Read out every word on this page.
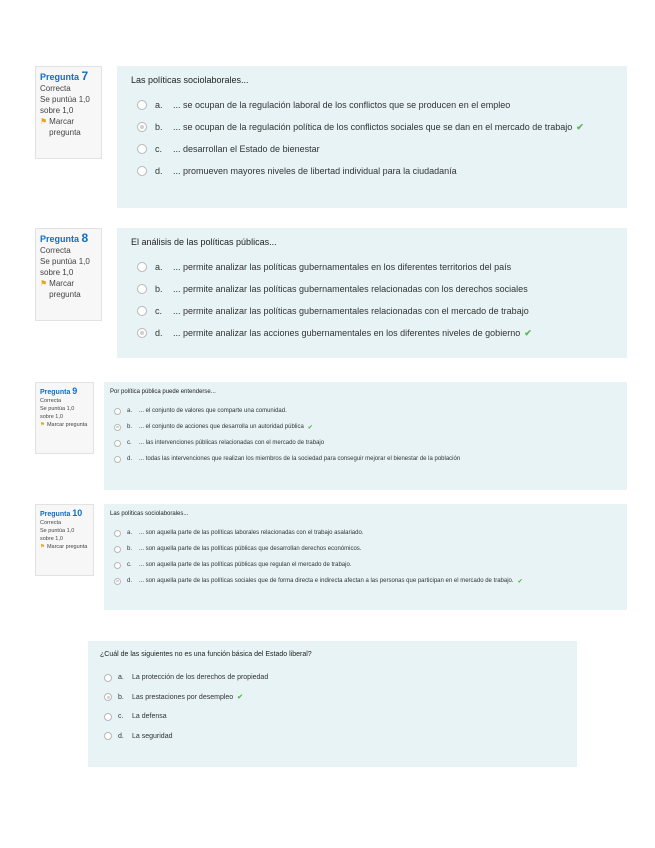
Pregunta 7
Correcta
Se puntúa 1,0 sobre 1,0
⚑ Marcar pregunta
Las políticas sociolaborales...
a.	... se ocupan de la regulación laboral de los conflictos que se producen en el empleo
b.	... se ocupan de la regulación política de los conflictos sociales que se dan en el mercado de trabajo ✔
c.	... desarrollan el Estado de bienestar
d.	... promueven mayores niveles de libertad individual para la ciudadanía
Pregunta 8
Correcta
Se puntúa 1,0 sobre 1,0
⚑ Marcar pregunta
El análisis de las políticas públicas...
a.	... permite analizar las políticas gubernamentales en los diferentes territorios del país
b.	... permite analizar las políticas gubernamentales relacionadas con los derechos sociales
c.	... permite analizar las políticas gubernamentales relacionadas con el mercado de trabajo
d.	... permite analizar las acciones gubernamentales en los diferentes niveles de gobierno ✔
Pregunta 9
Correcta
Se puntúa 1,0 sobre 1,0
⚑ Marcar pregunta
Por política pública puede entenderse...
a.	... el conjunto de valores que comparte una comunidad.
b.	... el conjunto de acciones que desarrolla un autoridad pública ✔
c.	... las intervenciones públicas relacionadas con el mercado de trabajo
d.	... todas las intervenciones que realizan los miembros de la sociedad para conseguir mejorar el bienestar de la población
Pregunta 10
Correcta
Se puntúa 1,0 sobre 1,0
⚑ Marcar pregunta
Las políticas sociolaborales...
a.	... son aquella parte de las políticas laborales relacionadas con el trabajo asalariado.
b.	... son aquella parte de las políticas públicas que desarrollan derechos económicos.
c.	... son aquella parte de las políticas públicas que regulan el mercado de trabajo.
d.	... son aquella parte de las políticas sociales que de forma directa e indirecta afectan a las personas que participan en el mercado de trabajo. ✔
¿Cuál de las siguientes no es una función básica del Estado liberal?
a.	La protección de los derechos de propiedad
b.	Las prestaciones por desempleo ✔
c.	La defensa
d.	La seguridad
